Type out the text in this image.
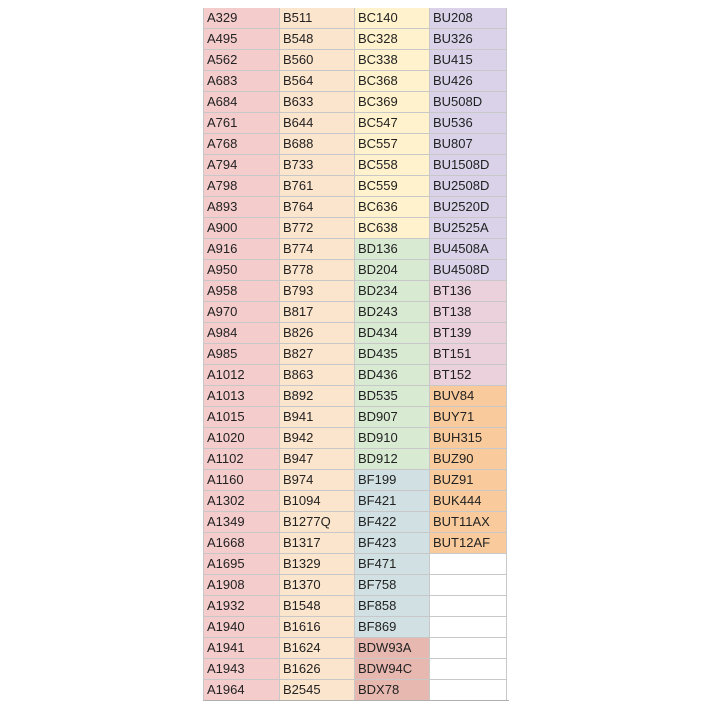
A329	B511	BC140	BU208
A495	B548	BC328	BU326
A562	B560	BC338	BU415
A683	B564	BC368	BU426
A684	B633	BC369	BU508D
A761	B644	BC547	BU536
A768	B688	BC557	BU807
A794	B733	BC558	BU1508D
A798	B761	BC559	BU2508D
A893	B764	BC636	BU2520D
A900	B772	BC638	BU2525A
A916	B774	BD136	BU4508A
A950	B778	BD204	BU4508D
A958	B793	BD234	BT136
A970	B817	BD243	BT138
A984	B826	BD434	BT139
A985	B827	BD435	BT151
A1012	B863	BD436	BT152
A1013	B892	BD535	BUV84
A1015	B941	BD907	BUY71
A1020	B942	BD910	BUH315
A1102	B947	BD912	BUZ90
A1160	B974	BF199	BUZ91
A1302	B1094	BF421	BUK444
A1349	B1277Q	BF422	BUT11AX
A1668	B1317	BF423	BUT12AF
A1695	B1329	BF471
A1908	B1370	BF758
A1932	B1548	BF858
A1940	B1616	BF869
A1941	B1624	BDW93A
A1943	B1626	BDW94C
A1964	B2545	BDX78
